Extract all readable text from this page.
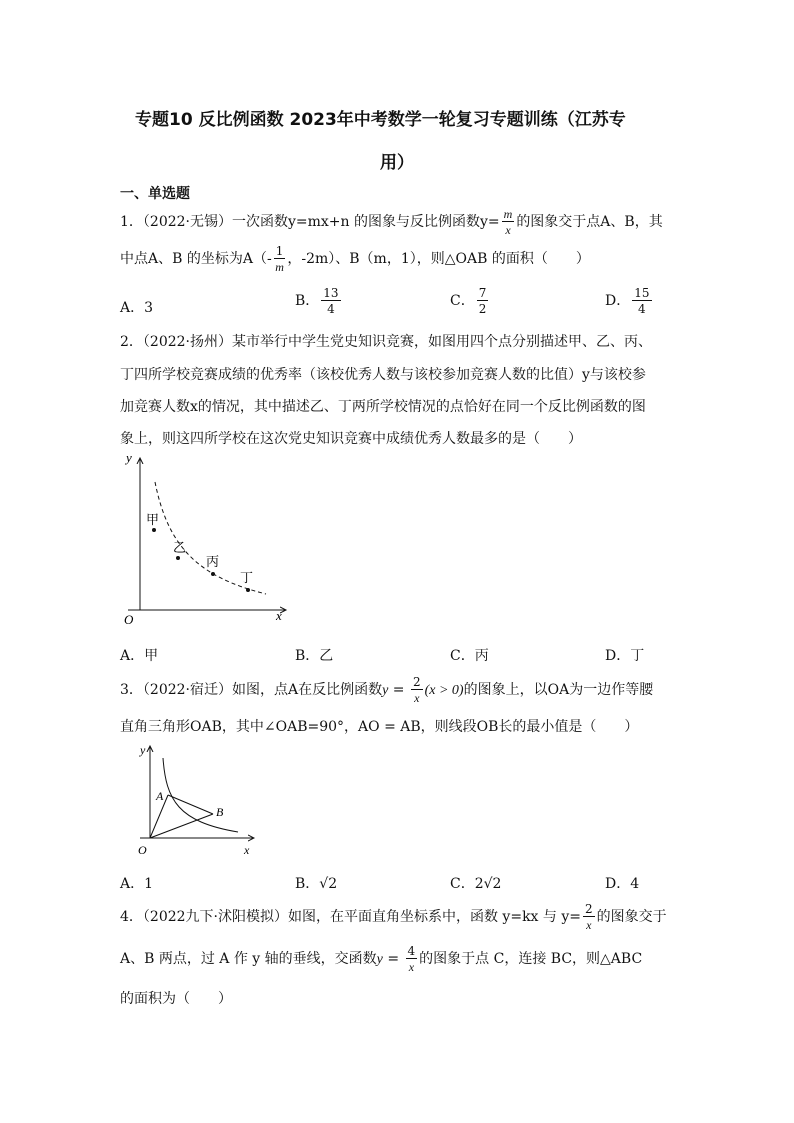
专题10 反比例函数 2023年中考数学一轮复习专题训练（江苏专
用）
一、单选题
1．（2022·无锡）一次函数y=mx+n 的图象与反比例函数$y= \frac{m}{x}$ 的图象交于点A、B，其
中点A、B 的坐标为$A(- \frac{1}{m}$ ，-2m）、B（m，1），则△OAB 的面积（　　）
A．3	B． $\frac{13}{4}$	C． $\frac{7}{2}$	D． $\frac{15}{4}$
2．（2022·扬州）某市举行中学生党史知识竞赛，如图用四个点分别描述甲、乙、丙、
丁四所学校竞赛成绩的优秀率（该校优秀人数与该校参加竞赛人数的比值）y与该校参
加竞赛人数x的情况，其中描述乙、丁两所学校情况的点恰好在同一个反比例函数的图
象上，则这四所学校在这次党史知识竞赛中成绩优秀人数最多的是（　　）
y
x
O
甲
乙
丙
丁
A．甲	B．乙	C．丙	D．丁
3．（2022·宿迁）如图，点A在反比例函数$y = \frac{2}{x} (x > 0)$的图象上，以OA为一边作等腰
直角三角形OAB，其中∠OAB=90°，AO = AB，则线段OB长的最小值是（　　）
y
x
O
A
B
A．1	B．√2	C．2√2	D．4
4．（2022九下·沭阳模拟）如图，在平面直角坐标系中，函数 y=kx 与 $y= \frac{2}{x}$ 的图象交于
A、B 两点，过 A 作 y 轴的垂线，交函数$y = \frac{4}{x}$ 的图象于点 C，连接 BC，则△ABC
的面积为（　　）
